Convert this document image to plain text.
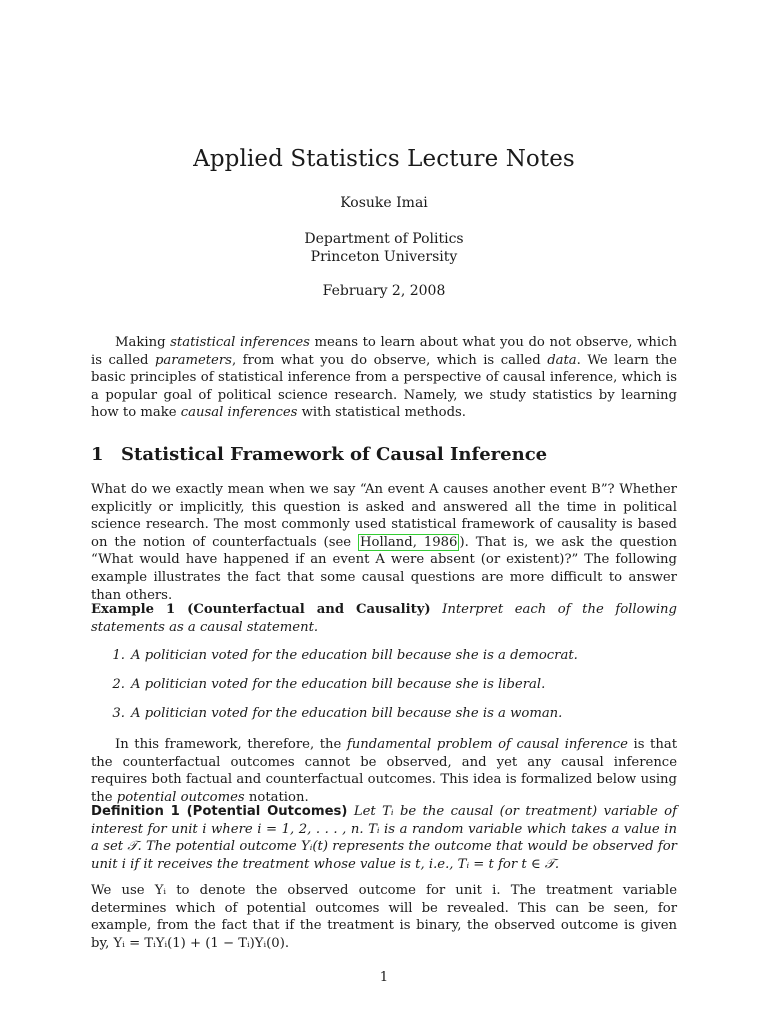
Applied Statistics Lecture Notes
Kosuke Imai
Department of Politics
Princeton University
February 2, 2008
Making statistical inferences means to learn about what you do not observe, which is called parameters, from what you do observe, which is called data. We learn the basic principles of statistical inference from a perspective of causal inference, which is a popular goal of political science research. Namely, we study statistics by learning how to make causal inferences with statistical methods.
1 Statistical Framework of Causal Inference
What do we exactly mean when we say “An event A causes another event B”? Whether explicitly or implicitly, this question is asked and answered all the time in political science research. The most commonly used statistical framework of causality is based on the notion of counterfactuals (see Holland, 1986 ). That is, we ask the question “What would have happened if an event A were absent (or existent)?” The following example illustrates the fact that some causal questions are more difficult to answer than others.
Example 1 (Counterfactual and Causality) Interpret each of the following statements as a causal statement.
1. A politician voted for the education bill because she is a democrat.
2. A politician voted for the education bill because she is liberal.
3. A politician voted for the education bill because she is a woman.
In this framework, therefore, the fundamental problem of causal inference is that the counterfactual outcomes cannot be observed, and yet any causal inference requires both factual and counterfactual outcomes. This idea is formalized below using the potential outcomes notation.
Definition 1 (Potential Outcomes) Let Tᵢ be the causal (or treatment) variable of interest for unit i where i = 1, 2, . . . , n. Tᵢ is a random variable which takes a value in a set 𝒯. The potential outcome Yᵢ(t) represents the outcome that would be observed for unit i if it receives the treatment whose value is t, i.e., Tᵢ = t for t ∈ 𝒯.
We use Yᵢ to denote the observed outcome for unit i. The treatment variable determines which of potential outcomes will be revealed. This can be seen, for example, from the fact that if the treatment is binary, the observed outcome is given by, Yᵢ = TᵢYᵢ(1) + (1 − Tᵢ)Yᵢ(0).
1
